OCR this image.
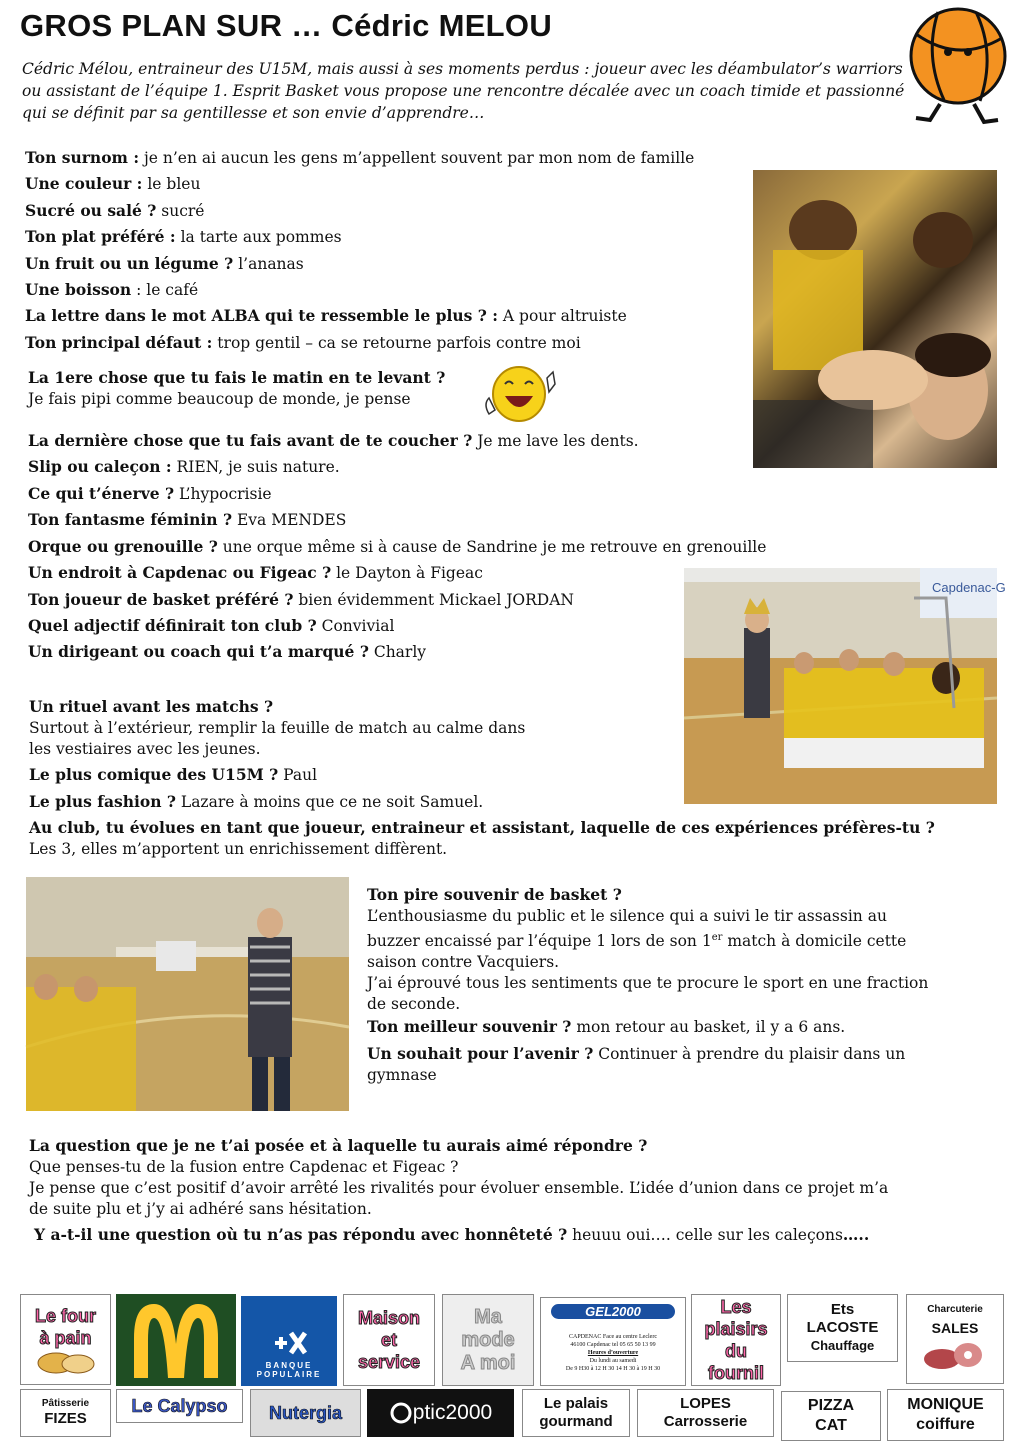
GROS PLAN SUR … Cédric MELOU
Cédric Mélou, entraineur des U15M, mais aussi à ses moments perdus : joueur avec les déambulator’s warriors ou assistant de l’équipe 1. Esprit Basket vous propose une rencontre décalée avec un coach timide et passionné qui se définit par sa gentillesse et son envie d’apprendre…
Ton surnom : je n’en ai aucun les gens m’appellent souvent par mon nom de famille
Une couleur : le bleu
Sucré ou salé ? sucré
Ton plat préféré : la tarte aux pommes
Un fruit ou un légume ? l’ananas
Une boisson : le café
La lettre dans le mot ALBA qui te ressemble le plus ? : A pour altruiste
Ton principal défaut : trop gentil – ca se retourne parfois contre moi
La 1ere chose que tu fais le matin en te levant ?
Je fais pipi comme beaucoup de monde, je pense
La dernière chose que tu fais avant de te coucher ? Je me lave les dents.
Slip ou caleçon : RIEN, je suis nature.
Ce qui t’énerve ? L’hypocrisie
Ton fantasme féminin ? Eva MENDES
Orque ou grenouille ? une orque même si à cause de Sandrine je me retrouve en grenouille
Un endroit à Capdenac ou Figeac ? le Dayton à Figeac
Ton joueur de basket préféré ? bien évidemment Mickael JORDAN
Quel adjectif définirait ton club ? Convivial
Un dirigeant ou coach qui t’a marqué ? Charly
Capdenac-G
Un rituel avant les matchs ?
Surtout à l’extérieur, remplir la feuille de match au calme dans
les vestiaires avec les jeunes.
Le plus comique des U15M ? Paul
Le plus fashion ? Lazare à moins que ce ne soit Samuel.
Au club, tu évolues en tant que joueur, entraineur et assistant, laquelle de ces expériences préfères-tu ?
Les 3, elles m’apportent un enrichissement diffèrent.
Ton pire souvenir de basket ?
L’enthousiasme du public et le silence qui a suivi le tir assassin au
buzzer encaissé par l’équipe 1 lors de son 1er match à domicile cette
saison contre Vacquiers.
J’ai éprouvé tous les sentiments que te procure le sport en une fraction
de seconde.
Ton meilleur souvenir ? mon retour au basket, il y a 6 ans.
Un souhait pour l’avenir ? Continuer à prendre du plaisir dans un
gymnase
La question que je ne t’ai posée et à laquelle tu aurais aimé répondre ?
Que penses-tu de la fusion entre Capdenac et Figeac ?
Je pense que c’est positif d’avoir arrêté les rivalités pour évoluer ensemble. L’idée d’union dans ce projet m’a
de suite plu et j’y ai adhéré sans hésitation.
Y a-t-il une question où tu n’as pas répondu avec honnêteté ? heuuu oui…. celle sur les caleçons…..
Le four
à pain
BANQUE
POPULAIRE
Maison
et
service
Ma
mode
A moi
GEL2000
CAPDENAC Face au centre Leclerc
46100 Capdenac tel 05 65 50 13 99
Heures d’ouverture
Du lundi au samedi
De 9 H30 à 12 H 30 14 H 30 à 19 H 30
Les
plaisirs
du
fournil
Ets
LACOSTE
Chauffage
Charcuterie
SALES
Pâtisserie
FIZES
Le Calypso Nutergia	ptic2000	Le palais
gourmand
LOPES
Carrosserie
PIZZA
CAT
MONIQUE
coiffure
